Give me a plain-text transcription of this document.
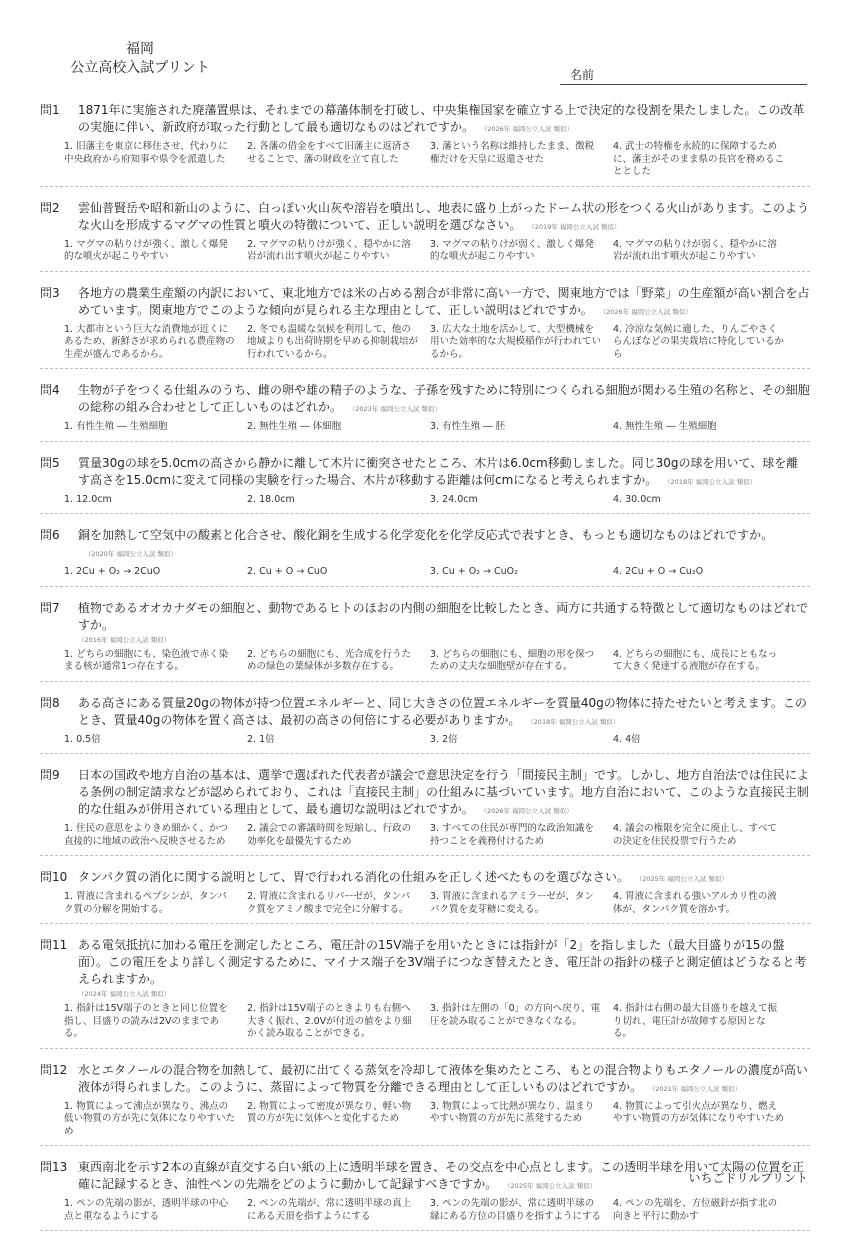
福岡
公立高校入試プリント	名前
問1	1871年に実施された廃藩置県は、それまでの幕藩体制を打破し、中央集権国家を確立する上で決定的な役割を果たしました。この改革の実施に伴い、新政府が取った行動として最も適切なものはどれですか。 （2026年 福岡公立入試 類似）
1. 旧藩主を東京に移住させ、代わりに中央政府から府知事や県令を派遣した
2. 各藩の借金をすべて旧藩主に返済させることで、藩の財政を立て直した
3. 藩という名称は維持したまま、徴税権だけを天皇に返還させた
4. 武士の特権を永続的に保障するために、藩主がそのまま県の長官を務めることとした
問2	雲仙普賢岳や昭和新山のように、白っぽい火山灰や溶岩を噴出し、地表に盛り上がったドーム状の形をつくる火山があります。このような火山を形成するマグマの性質と噴火の特徴について、正しい説明を選びなさい。 （2019年 福岡公立入試 類似）
1. マグマの粘りけが強く、激しく爆発的な噴火が起こりやすい
2. マグマの粘りけが強く、穏やかに溶岩が流れ出す噴火が起こりやすい
3. マグマの粘りけが弱く、激しく爆発的な噴火が起こりやすい
4. マグマの粘りけが弱く、穏やかに溶岩が流れ出す噴火が起こりやすい
問3	各地方の農業生産額の内訳において、東北地方では米の占める割合が非常に高い一方で、関東地方では「野菜」の生産額が高い割合を占めています。関東地方でこのような傾向が見られる主な理由として、正しい説明はどれですか。 （2026年 福岡公立入試 類似）
1. 大都市という巨大な消費地が近くにあるため、新鮮さが求められる農産物の生産が盛んであるから。
2. 冬でも温暖な気候を利用して、他の地域よりも出荷時期を早める抑制栽培が行われているから。
3. 広大な土地を活かして、大型機械を用いた効率的な大規模稲作が行われているから。
4. 冷涼な気候に適した、りんごやさくらんぼなどの果実栽培に特化しているから
問4	生物が子をつくる仕組みのうち、雌の卵や雄の精子のような、子孫を残すために特別につくられる細胞が関わる生殖の名称と、その細胞の総称の組み合わせとして正しいものはどれか。 （2023年 福岡公立入試 類似）
1. 有性生殖 ― 生殖細胞	2. 無性生殖 ― 体細胞	3. 有性生殖 ― 胚	4. 無性生殖 ― 生殖細胞
問5	質量30gの球を5.0cmの高さから静かに離して木片に衝突させたところ、木片は6.0cm移動しました。同じ30gの球を用いて、球を離す高さを15.0cmに変えて同様の実験を行った場合、木片が移動する距離は何cmになると考えられますか。 （2018年 福岡公立入試 類似）
1. 12.0cm	2. 18.0cm	3. 24.0cm	4. 30.0cm
問6	銅を加熱して空気中の酸素と化合させ、酸化銅を生成する化学変化を化学反応式で表すとき、もっとも適切なものはどれですか。（2020年 福岡公立入試 類似）
1. 2Cu + O₂ → 2CuO	2. Cu + O → CuO	3. Cu + O₂ → CuO₂	4. 2Cu + O → Cu₂O
問7	植物であるオオカナダモの細胞と、動物であるヒトのほおの内側の細胞を比較したとき、両方に共通する特徴として適切なものはどれですか。
（2016年 福岡公立入試 類似）
1. どちらの細胞にも、染色液で赤く染まる核が通常1つ存在する。
2. どちらの細胞にも、光合成を行うための緑色の葉緑体が多数存在する。
3. どちらの細胞にも、細胞の形を保つための丈夫な細胞壁が存在する。
4. どちらの細胞にも、成長にともなって大きく発達する液胞が存在する。
問8	ある高さにある質量20gの物体が持つ位置エネルギーと、同じ大きさの位置エネルギーを質量40gの物体に持たせたいと考えます。このとき、質量40gの物体を置く高さは、最初の高さの何倍にする必要がありますか。 （2018年 福岡公立入試 類似）
1. 0.5倍	2. 1倍	3. 2倍	4. 4倍
問9	日本の国政や地方自治の基本は、選挙で選ばれた代表者が議会で意思決定を行う「間接民主制」です。しかし、地方自治法では住民による条例の制定請求などが認められており、これは「直接民主制」の仕組みに基づいています。地方自治において、このような直接民主制的な仕組みが併用されている理由として、最も適切な説明はどれですか。 （2026年 福岡公立入試 類似）
1. 住民の意思をよりきめ細かく、かつ直接的に地域の政治へ反映させるため
2. 議会での審議時間を短縮し、行政の効率化を最優先するため
3. すべての住民が専門的な政治知識を持つことを義務付けるため
4. 議会の権限を完全に廃止し、すべての決定を住民投票で行うため
問10 タンパク質の消化に関する説明として、胃で行われる消化の仕組みを正しく述べたものを選びなさい。 （2025年 福岡公立入試 類似）
1. 胃液に含まれるペプシンが、タンパク質の分解を開始する。
2. 胃液に含まれるリパーゼが、タンパク質をアミノ酸まで完全に分解する。
3. 胃液に含まれるアミラーゼが、タンパク質を麦芽糖に変える。
4. 胃液に含まれる強いアルカリ性の液体が、タンパク質を溶かす。
問11 ある電気抵抗に加わる電圧を測定したところ、電圧計の15V端子を用いたときには指針が「2」を指しました（最大目盛りが15の盤面）。この電圧をより詳しく測定するために、マイナス端子を3V端子につなぎ替えたとき、電圧計の指針の様子と測定値はどうなると考えられますか。
（2024年 福岡公立入試 類似）
1. 指針は15V端子のときと同じ位置を指し、目盛りの読みは2Vのままである。
2. 指針は15V端子のときよりも右側へ大きく振れ、2.0Vが付近の値をより細かく読み取ることができる。
3. 指針は左側の「0」の方向へ戻り、電圧を読み取ることができなくなる。
4. 指針は右側の最大目盛りを越えて振り切れ、電圧計が故障する原因となる。
問12 水とエタノールの混合物を加熱して、最初に出てくる蒸気を冷却して液体を集めたところ、もとの混合物よりもエタノールの濃度が高い液体が得られました。このように、蒸留によって物質を分離できる理由として正しいものはどれですか。 （2021年 福岡公立入試 類似）
1. 物質によって沸点が異なり、沸点の低い物質の方が先に気体になりやすいため
2. 物質によって密度が異なり、軽い物質の方が先に気体へと変化するため
3. 物質によって比熱が異なり、温まりやすい物質の方が先に蒸発するため
4. 物質によって引火点が異なり、燃えやすい物質の方が気体になりやすいため
問13 東西南北を示す2本の直線が直交する白い紙の上に透明半球を置き、その交点を中心点とします。この透明半球を用いて太陽の位置を正確に記録するとき、油性ペンの先端をどのように動かして記録すべきですか。 （2025年 福岡公立入試 類似）
1. ペンの先端の影が、透明半球の中心点と重なるようにする
2. ペンの先端が、常に透明半球の真上にある天頂を指すようにする
3. ペンの先端の影が、常に透明半球の縁にある方位の目盛りを指すようにする
4. ペンの先端を、方位磁針が指す北の向きと平行に動かす
いちごドリルプリント
